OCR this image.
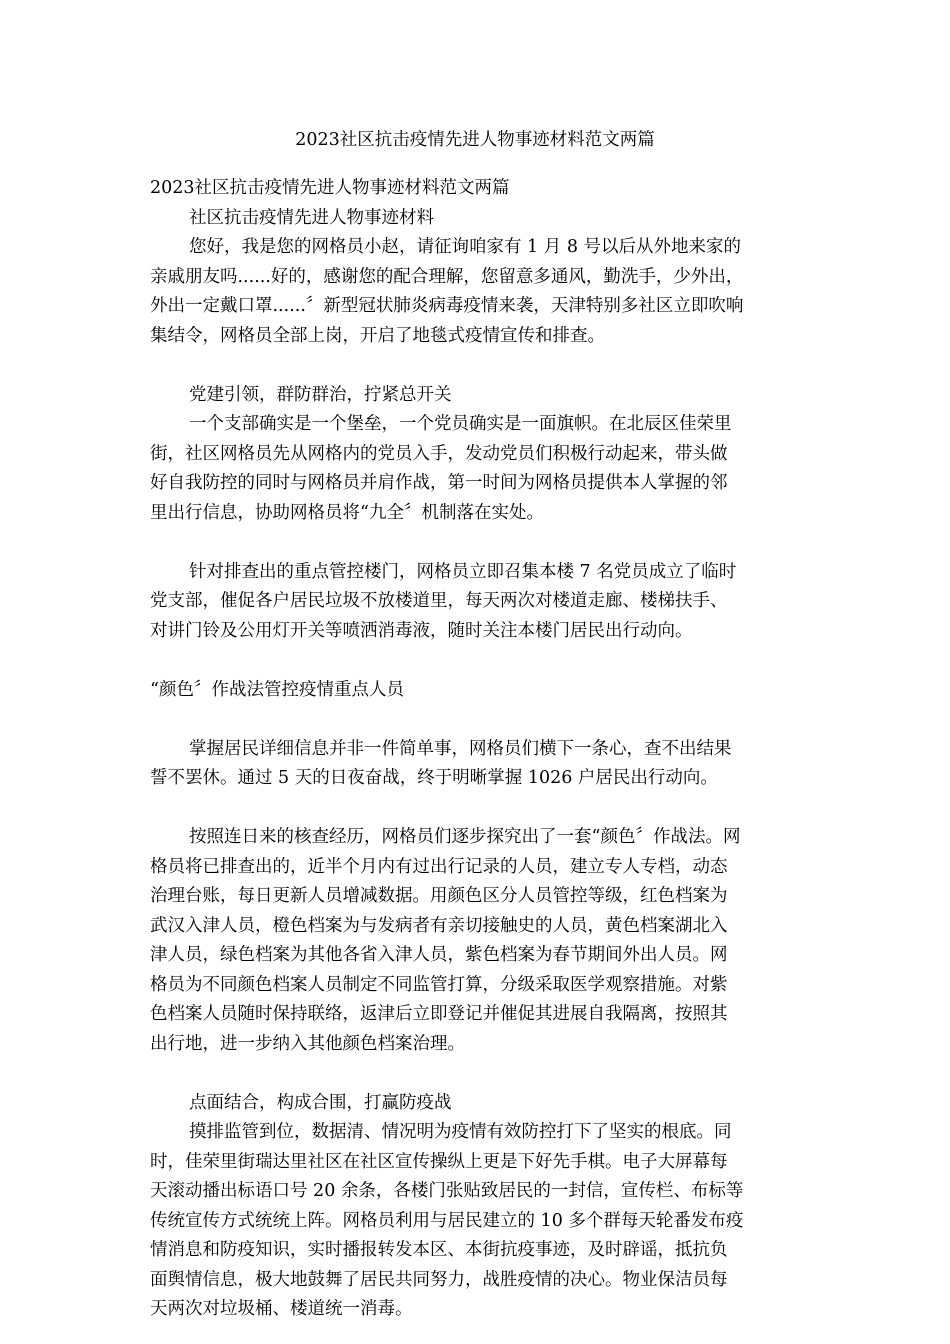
2023社区抗击疫情先进人物事迹材料范文两篇

2023社区抗击疫情先进人物事迹材料范文两篇

社区抗击疫情先进人物事迹材料

您好，我是您的网格员小赵，请征询咱家有 1 月 8 号以后从外地来家的

亲戚朋友吗......好的，感谢您的配合理解，您留意多通风，勤洗手，少外出，

外出一定戴口罩......〞新型冠状肺炎病毒疫情来袭，天津特别多社区立即吹响

集结令，网格员全部上岗，开启了地毯式疫情宣传和排查。

党建引领，群防群治，拧紧总开关

一个支部确实是一个堡垒，一个党员确实是一面旗帜。在北辰区佳荣里

街，社区网格员先从网格内的党员入手，发动党员们积极行动起来，带头做

好自我防控的同时与网格员并肩作战，第一时间为网格员提供本人掌握的邻

里出行信息，协助网格员将“九全〞机制落在实处。

针对排查出的重点管控楼门，网格员立即召集本楼 7 名党员成立了临时

党支部，催促各户居民垃圾不放楼道里，每天两次对楼道走廊、楼梯扶手、

对讲门铃及公用灯开关等喷洒消毒液，随时关注本楼门居民出行动向。

“颜色〞作战法管控疫情重点人员

掌握居民详细信息并非一件简单事，网格员们横下一条心，查不出结果

誓不罢休。通过 5 天的日夜奋战，终于明晰掌握 1026 户居民出行动向。

按照连日来的核查经历，网格员们逐步探究出了一套“颜色〞作战法。网

格员将已排查出的，近半个月内有过出行记录的人员，建立专人专档，动态

治理台账，每日更新人员增减数据。用颜色区分人员管控等级，红色档案为

武汉入津人员，橙色档案为与发病者有亲切接触史的人员，黄色档案湖北入

津人员，绿色档案为其他各省入津人员，紫色档案为春节期间外出人员。网

格员为不同颜色档案人员制定不同监管打算，分级采取医学观察措施。对紫

色档案人员随时保持联络，返津后立即登记并催促其进展自我隔离，按照其

出行地，进一步纳入其他颜色档案治理。

点面结合，构成合围，打赢防疫战

摸排监管到位，数据清、情况明为疫情有效防控打下了坚实的根底。同

时，佳荣里街瑞达里社区在社区宣传操纵上更是下好先手棋。电子大屏幕每

天滚动播出标语口号 20 余条，各楼门张贴致居民的一封信，宣传栏、布标等

传统宣传方式统统上阵。网格员利用与居民建立的 10 多个群每天轮番发布疫

情消息和防疫知识，实时播报转发本区、本街抗疫事迹，及时辟谣，抵抗负

面舆情信息，极大地鼓舞了居民共同努力，战胜疫情的决心。物业保洁员每

天两次对垃圾桶、楼道统一消毒。
